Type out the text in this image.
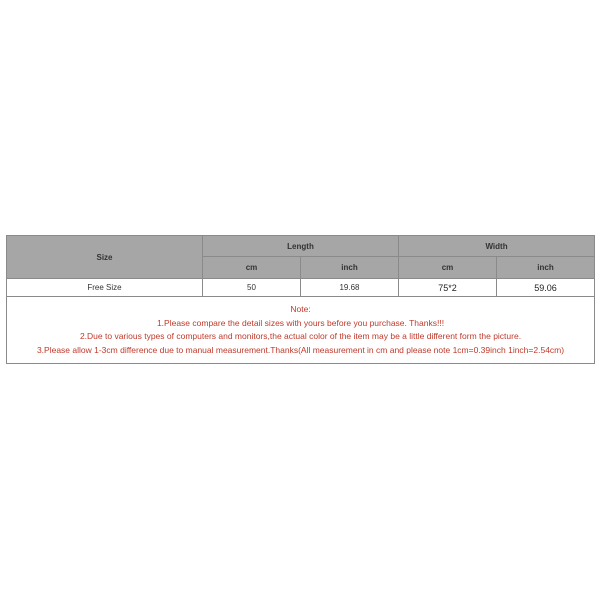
Size	Length		Width	
	cm	inch	cm	inch
Free Size	50	19.68	75*2	59.06

Note:
1.Please compare the detail sizes with yours before you purchase. Thanks!!!
2.Due to various types of computers and monitors,the actual color of the item may be a little different form the picture.
3.Please allow 1-3cm difference due to manual measurement.Thanks(All measurement in cm and please note 1cm=0.39inch 1inch=2.54cm)				
